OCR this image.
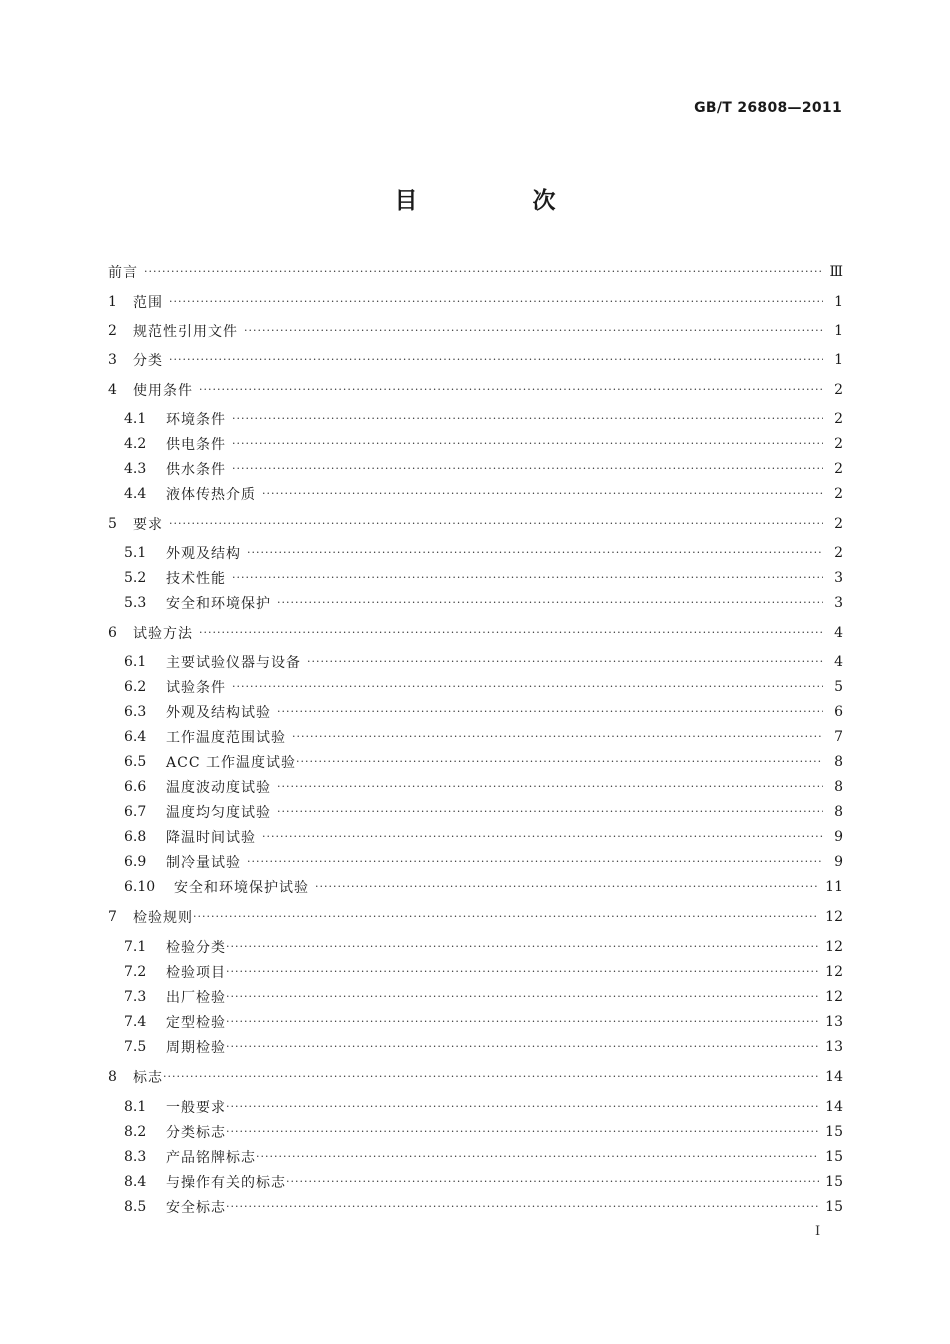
GB/T 26808—2011
目　次
前言 ·····	Ⅲ
1	范围 ·····	1
2	规范性引用文件 ·····	1
3	分类 ·····	1
4	使用条件 ·····	2
4.1	环境条件 ·····	2
4.2	供电条件 ·····	2
4.3	供水条件 ·····	2
4.4	液体传热介质 ·····	2
5	要求 ·····	2
5.1	外观及结构 ·····	2
5.2	技术性能 ·····	3
5.3	安全和环境保护 ·····	3
6	试验方法 ·····	4
6.1	主要试验仪器与设备 ·····	4
6.2	试验条件 ·····	5
6.3	外观及结构试验 ·····	6
6.4	工作温度范围试验 ·····	7
6.5	ACC 工作温度试验 ·····	8
6.6	温度波动度试验 ·····	8
6.7	温度均匀度试验 ·····	8
6.8	降温时间试验 ·····	9
6.9	制冷量试验 ·····	9
6.10	安全和环境保护试验 ·····	11
7	检验规则 ·····	12
7.1	检验分类 ·····	12
7.2	检验项目 ·····	12
7.3	出厂检验 ·····	12
7.4	定型检验 ·····	13
7.5	周期检验 ·····	13
8	标志 ·····	14
8.1	一般要求 ·····	14
8.2	分类标志 ·····	15
8.3	产品铭牌标志 ·····	15
8.4	与操作有关的标志 ·····	15
8.5	安全标志 ·····	15
I
